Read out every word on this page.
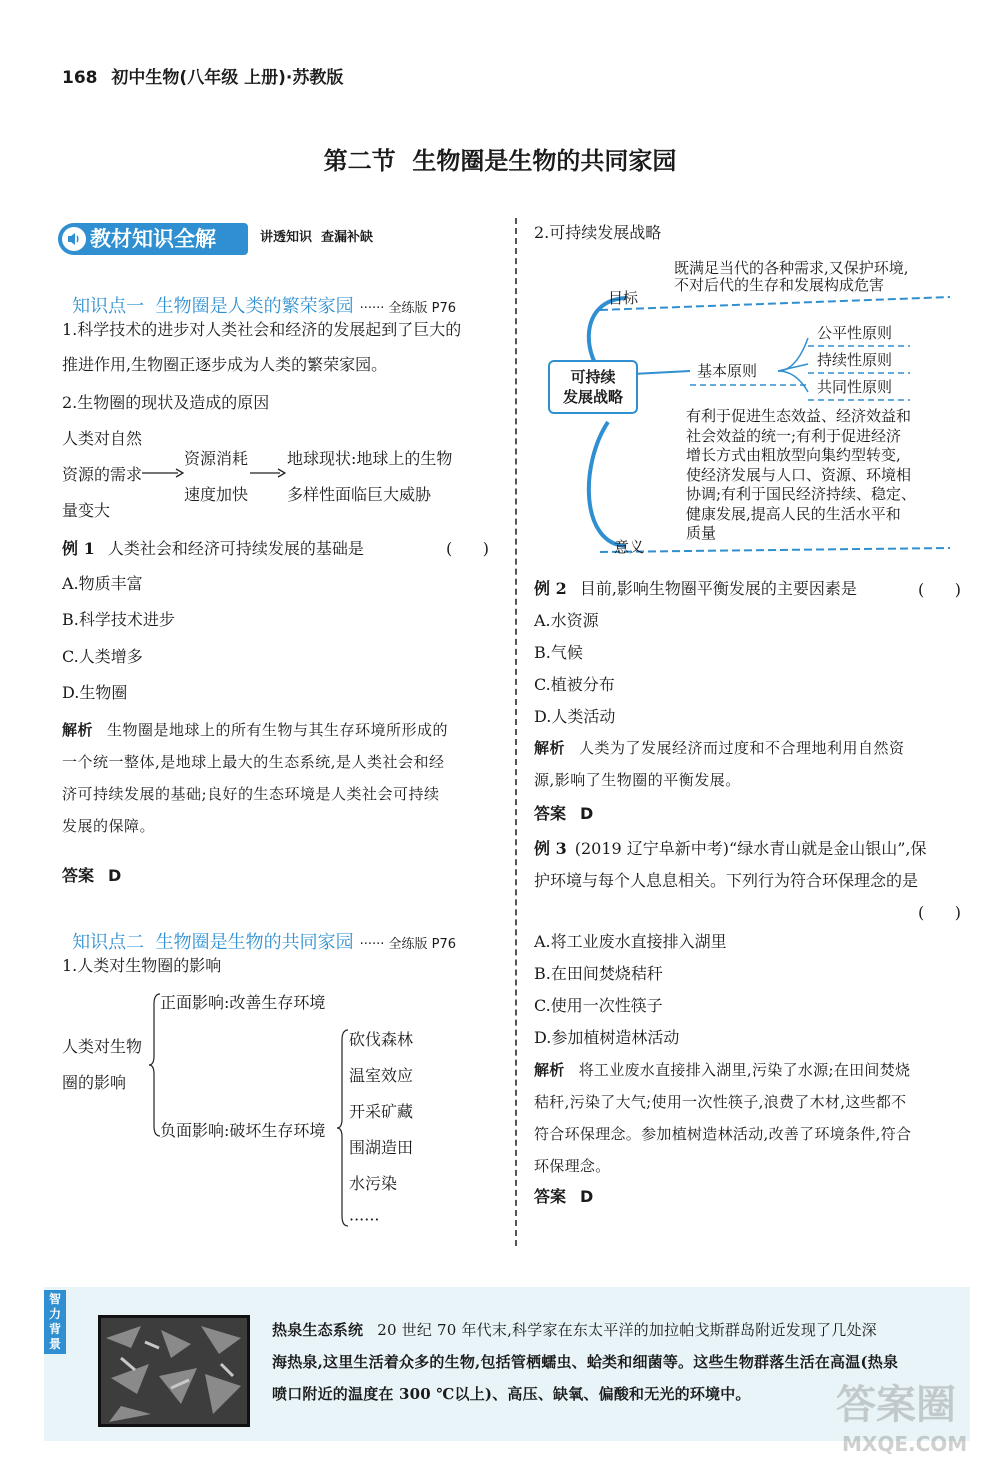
168 初中生物(八年级 上册)·苏教版
第二节  生物圈是生物的共同家园
教材知识全解	讲透知识  查漏补缺

知识点一  生物圈是人类的繁荣家园 ······ 全练版 P76

1.科学技术的进步对人类社会和经济的发展起到了巨大的
推进作用,生物圈正逐步成为人类的繁荣家园。
2.生物圈的现状及造成的原因
人类对自然
资源的需求
量变大
资源消耗
速度加快
地球现状:地球上的生物
多样性面临巨大威胁
例 1 人类社会和经济可持续发展的基础是	(      )
A.物质丰富
B.科学技术进步
C.人类增多
D.生物圈
解析 生物圈是地球上的所有生物与其生存环境所形成的
一个统一整体,是地球上最大的生态系统,是人类社会和经
济可持续发展的基础;良好的生态环境是人类社会可持续
发展的保障。
答案 D

知识点二  生物圈是生物的共同家园 ······ 全练版 P76

1.人类对生物圈的影响
人类对生物
圈的影响
正面影响:改善生存环境
负面影响:破坏生存环境
砍伐森林
温室效应
开采矿藏
围湖造田
水污染
······
2.可持续发展战略
可持续
发展战略
目标
既满足当代的各种需求,又保护环境,
不对后代的生存和发展构成危害
基本原则
公平性原则
持续性原则
共同性原则
有利于促进生态效益、经济效益和
社会效益的统一;有利于促进经济
增长方式由粗放型向集约型转变,
使经济发展与人口、资源、环境相
协调;有利于国民经济持续、稳定、
健康发展,提高人民的生活水平和
质量
意义
例 2 目前,影响生物圈平衡发展的主要因素是	(      )
A.水资源
B.气候
C.植被分布
D.人类活动
解析 人类为了发展经济而过度和不合理地利用自然资
源,影响了生物圈的平衡发展。
答案 D
例 3 (2019 辽宁阜新中考)“绿水青山就是金山银山”,保
护环境与每个人息息相关。下列行为符合环保理念的是
(      )
A.将工业废水直接排入湖里
B.在田间焚烧秸秆
C.使用一次性筷子
D.参加植树造林活动
解析 将工业废水直接排入湖里,污染了水源;在田间焚烧
秸秆,污染了大气;使用一次性筷子,浪费了木材,这些都不
符合环保理念。参加植树造林活动,改善了环境条件,符合
环保理念。
答案 D
智力背景
热泉生态系统 20 世纪 70 年代末,科学家在东太平洋的加拉帕戈斯群岛附近发现了几处深
海热泉,这里生活着众多的生物,包括管栖蠕虫、蛤类和细菌等。这些生物群落生活在高温(热泉
喷口附近的温度在 300 ℃以上)、高压、缺氧、偏酸和无光的环境中。	答案圈
MXQE.COM
